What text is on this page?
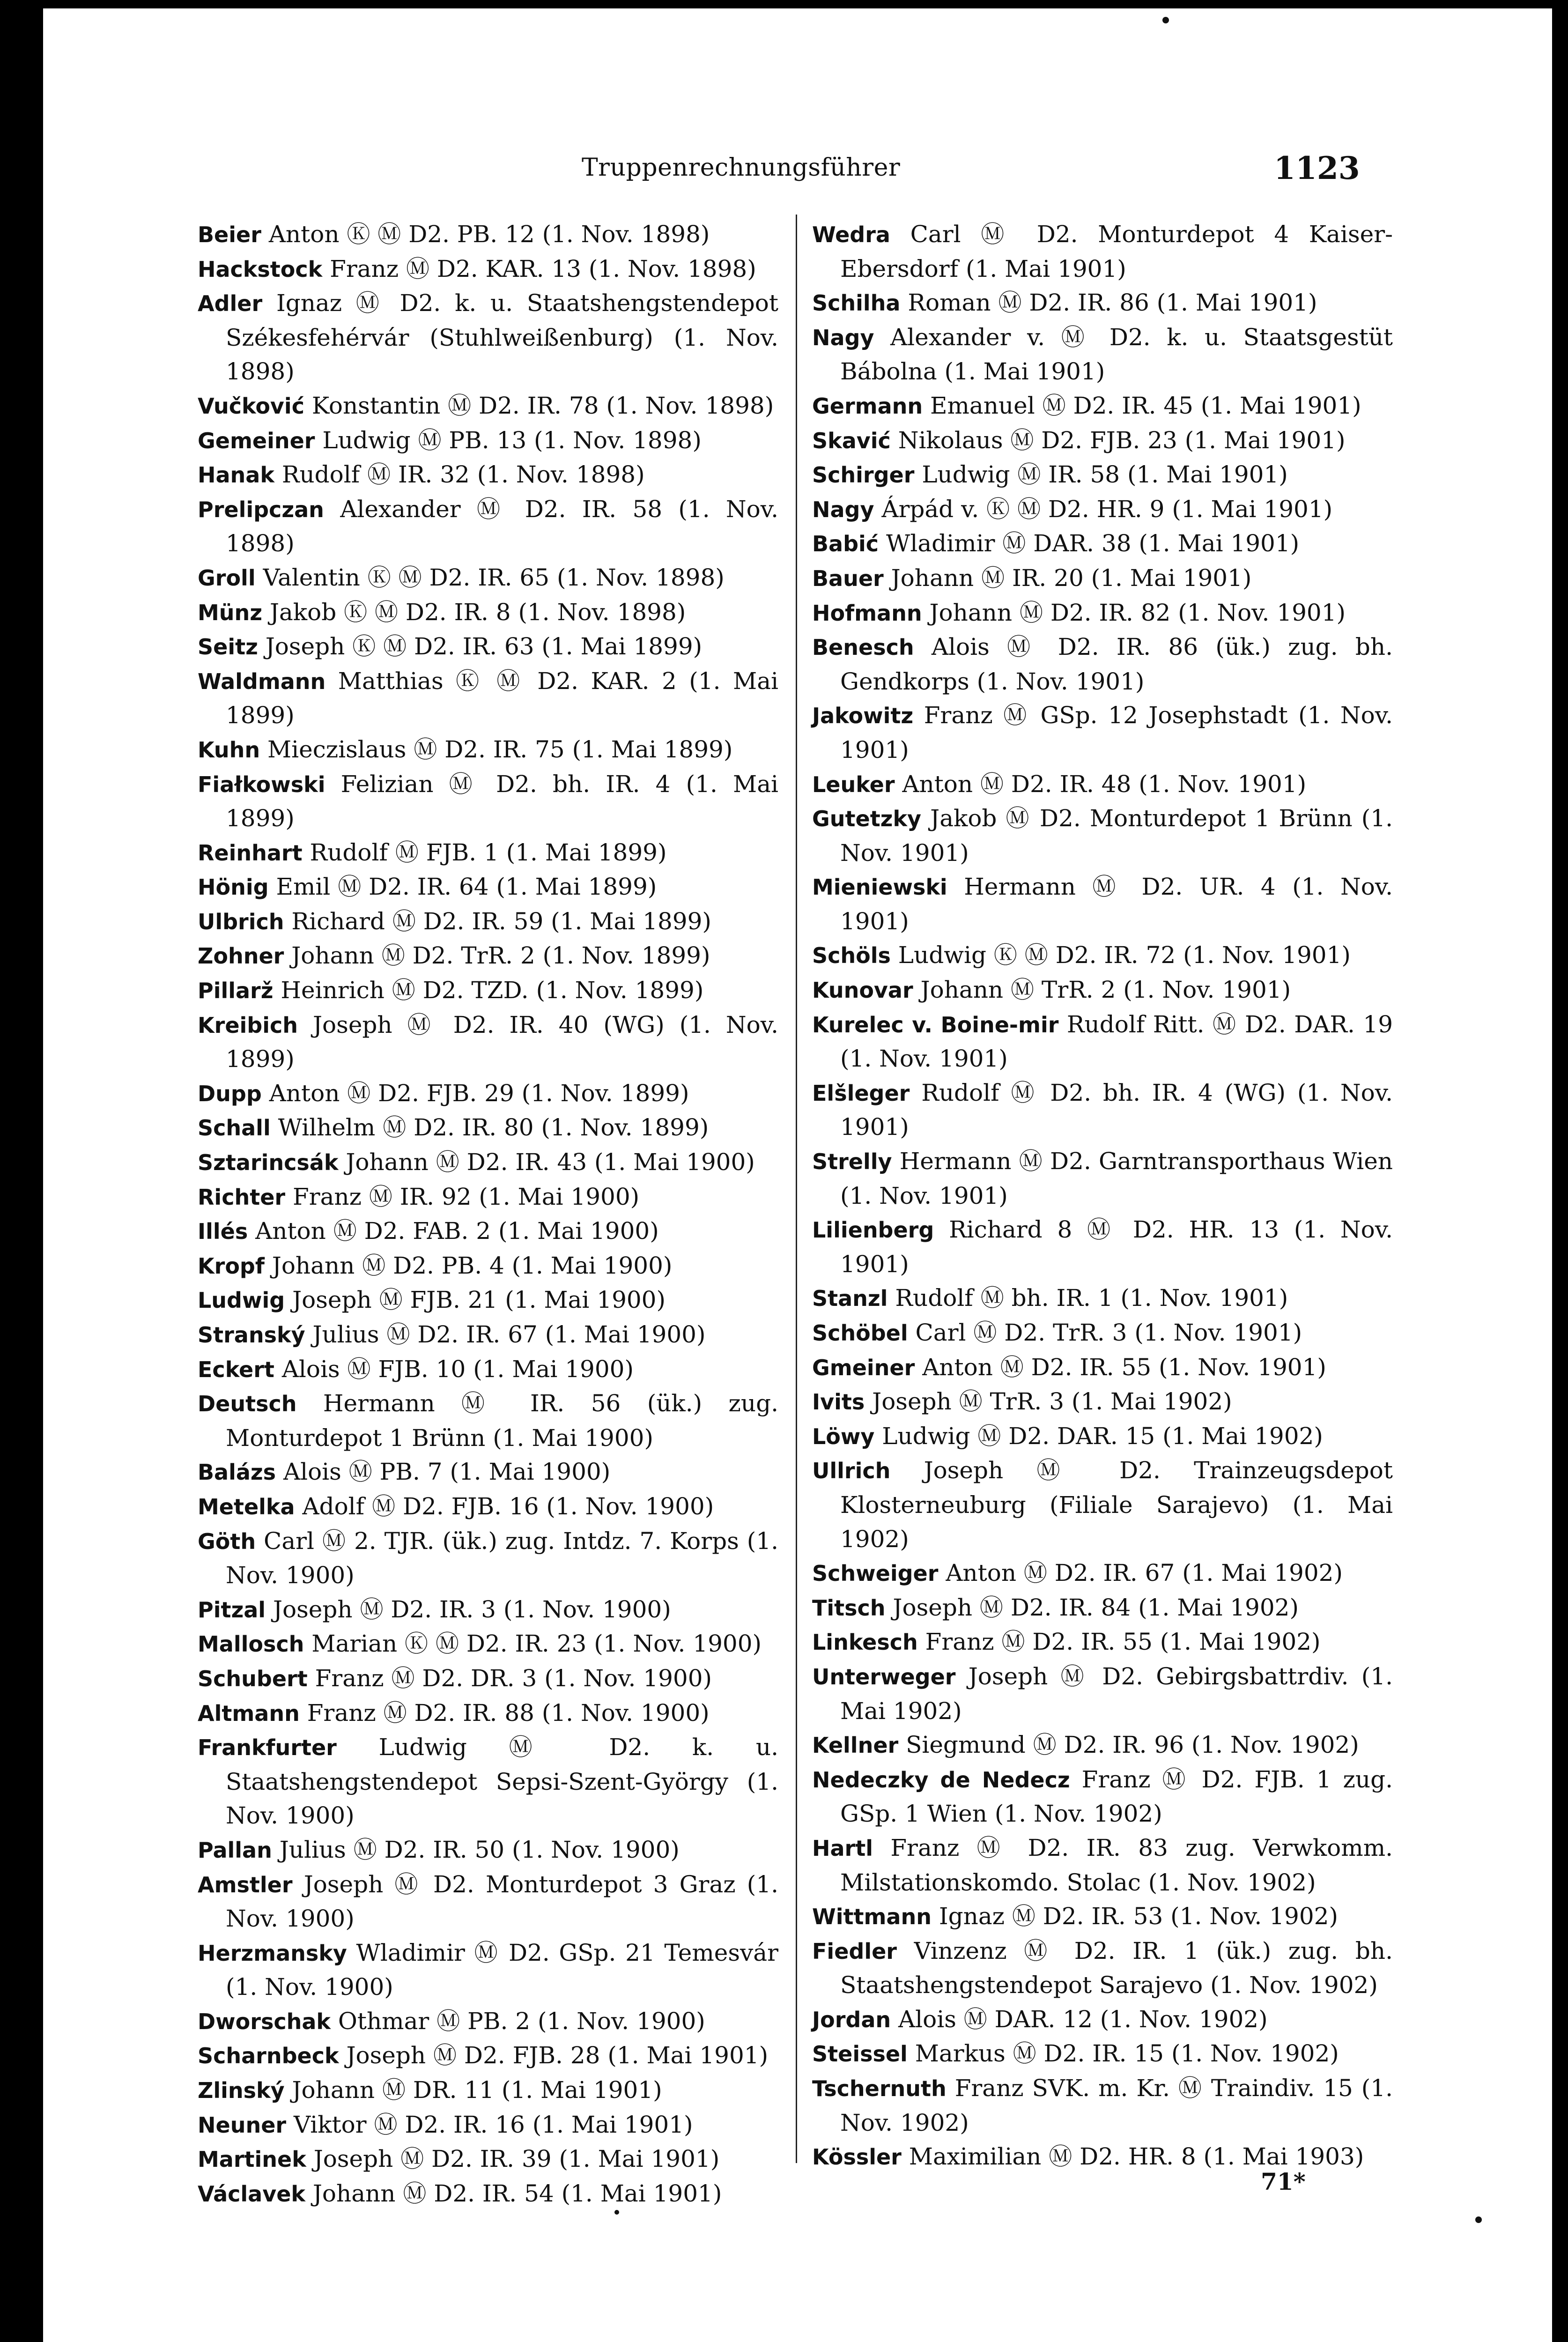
Truppenrechnungsführer	1123

Beier Anton Ⓚ Ⓜ D2. PB. 12 (1. Nov. 1898)

Hackstock Franz Ⓜ D2. KAR. 13 (1. Nov. 1898)

Adler Ignaz Ⓜ D2. k. u. Staatshengstendepot Székesfehérvár (Stuhlweißenburg) (1. Nov. 1898)

Vučković Konstantin Ⓜ D2. IR. 78 (1. Nov. 1898)

Gemeiner Ludwig Ⓜ PB. 13 (1. Nov. 1898)

Hanak Rudolf Ⓜ IR. 32 (1. Nov. 1898)

Prelipczan Alexander Ⓜ D2. IR. 58 (1. Nov. 1898)

Groll Valentin Ⓚ Ⓜ D2. IR. 65 (1. Nov. 1898)

Münz Jakob Ⓚ Ⓜ D2. IR. 8 (1. Nov. 1898)

Seitz Joseph Ⓚ Ⓜ D2. IR. 63 (1. Mai 1899)

Waldmann Matthias Ⓚ Ⓜ D2. KAR. 2 (1. Mai 1899)

Kuhn Mieczislaus Ⓜ D2. IR. 75 (1. Mai 1899)

Fiałkowski Felizian Ⓜ D2. bh. IR. 4 (1. Mai 1899)

Reinhart Rudolf Ⓜ FJB. 1 (1. Mai 1899)

Hönig Emil Ⓜ D2. IR. 64 (1. Mai 1899)

Ulbrich Richard Ⓜ D2. IR. 59 (1. Mai 1899)

Zohner Johann Ⓜ D2. TrR. 2 (1. Nov. 1899)

Pillarž Heinrich Ⓜ D2. TZD. (1. Nov. 1899)

Kreibich Joseph Ⓜ D2. IR. 40 (WG) (1. Nov. 1899)

Dupp Anton Ⓜ D2. FJB. 29 (1. Nov. 1899)

Schall Wilhelm Ⓜ D2. IR. 80 (1. Nov. 1899)

Sztarincsák Johann Ⓜ D2. IR. 43 (1. Mai 1900)

Richter Franz Ⓜ IR. 92 (1. Mai 1900)

Illés Anton Ⓜ D2. FAB. 2 (1. Mai 1900)

Kropf Johann Ⓜ D2. PB. 4 (1. Mai 1900)

Ludwig Joseph Ⓜ FJB. 21 (1. Mai 1900)

Stranský Julius Ⓜ D2. IR. 67 (1. Mai 1900)

Eckert Alois Ⓜ FJB. 10 (1. Mai 1900)

Deutsch Hermann Ⓜ IR. 56 (ük.) zug. Monturdepot 1 Brünn (1. Mai 1900)

Balázs Alois Ⓜ PB. 7 (1. Mai 1900)

Metelka Adolf Ⓜ D2. FJB. 16 (1. Nov. 1900)

Göth Carl Ⓜ 2. TJR. (ük.) zug. Intdz. 7. Korps (1. Nov. 1900)

Pitzal Joseph Ⓜ D2. IR. 3 (1. Nov. 1900)

Mallosch Marian Ⓚ Ⓜ D2. IR. 23 (1. Nov. 1900)

Schubert Franz Ⓜ D2. DR. 3 (1. Nov. 1900)

Altmann Franz Ⓜ D2. IR. 88 (1. Nov. 1900)

Frankfurter Ludwig Ⓜ D2. k. u. Staatshengstendepot Sepsi-Szent-György (1. Nov. 1900)

Pallan Julius Ⓜ D2. IR. 50 (1. Nov. 1900)

Amstler Joseph Ⓜ D2. Monturdepot 3 Graz (1. Nov. 1900)

Herzmansky Wladimir Ⓜ D2. GSp. 21 Temesvár (1. Nov. 1900)

Dworschak Othmar Ⓜ PB. 2 (1. Nov. 1900)

Scharnbeck Joseph Ⓜ D2. FJB. 28 (1. Mai 1901)

Zlinský Johann Ⓜ DR. 11 (1. Mai 1901)

Neuner Viktor Ⓜ D2. IR. 16 (1. Mai 1901)

Martinek Joseph Ⓜ D2. IR. 39 (1. Mai 1901)

Václavek Johann Ⓜ D2. IR. 54 (1. Mai 1901)

Wedra Carl Ⓜ D2. Monturdepot 4 Kaiser-Ebersdorf (1. Mai 1901)

Schilha Roman Ⓜ D2. IR. 86 (1. Mai 1901)

Nagy Alexander v. Ⓜ D2. k. u. Staatsgestüt Bábolna (1. Mai 1901)

Germann Emanuel Ⓜ D2. IR. 45 (1. Mai 1901)

Skavić Nikolaus Ⓜ D2. FJB. 23 (1. Mai 1901)

Schirger Ludwig Ⓜ IR. 58 (1. Mai 1901)

Nagy Árpád v. Ⓚ Ⓜ D2. HR. 9 (1. Mai 1901)

Babić Wladimir Ⓜ DAR. 38 (1. Mai 1901)

Bauer Johann Ⓜ IR. 20 (1. Mai 1901)

Hofmann Johann Ⓜ D2. IR. 82 (1. Nov. 1901)

Benesch Alois Ⓜ D2. IR. 86 (ük.) zug. bh. Gendkorps (1. Nov. 1901)

Jakowitz Franz Ⓜ GSp. 12 Josephstadt (1. Nov. 1901)

Leuker Anton Ⓜ D2. IR. 48 (1. Nov. 1901)

Gutetzky Jakob Ⓜ D2. Monturdepot 1 Brünn (1. Nov. 1901)

Mieniewski Hermann Ⓜ D2. UR. 4 (1. Nov. 1901)

Schöls Ludwig Ⓚ Ⓜ D2. IR. 72 (1. Nov. 1901)

Kunovar Johann Ⓜ TrR. 2 (1. Nov. 1901)

Kurelec v. Boine-mir Rudolf Ritt. Ⓜ D2. DAR. 19 (1. Nov. 1901)

Elšleger Rudolf Ⓜ D2. bh. IR. 4 (WG) (1. Nov. 1901)

Strelly Hermann Ⓜ D2. Garntransporthaus Wien (1. Nov. 1901)

Lilienberg Richard 8 Ⓜ D2. HR. 13 (1. Nov. 1901)

Stanzl Rudolf Ⓜ bh. IR. 1 (1. Nov. 1901)

Schöbel Carl Ⓜ D2. TrR. 3 (1. Nov. 1901)

Gmeiner Anton Ⓜ D2. IR. 55 (1. Nov. 1901)

Ivits Joseph Ⓜ TrR. 3 (1. Mai 1902)

Löwy Ludwig Ⓜ D2. DAR. 15 (1. Mai 1902)

Ullrich Joseph Ⓜ D2. Trainzeugsdepot Klosterneuburg (Filiale Sarajevo) (1. Mai 1902)

Schweiger Anton Ⓜ D2. IR. 67 (1. Mai 1902)

Titsch Joseph Ⓜ D2. IR. 84 (1. Mai 1902)

Linkesch Franz Ⓜ D2. IR. 55 (1. Mai 1902)

Unterweger Joseph Ⓜ D2. Gebirgsbattrdiv. (1. Mai 1902)

Kellner Siegmund Ⓜ D2. IR. 96 (1. Nov. 1902)

Nedeczky de Nedecz Franz Ⓜ D2. FJB. 1 zug. GSp. 1 Wien (1. Nov. 1902)

Hartl Franz Ⓜ D2. IR. 83 zug. Verwkomm. Milstationskomdo. Stolac (1. Nov. 1902)

Wittmann Ignaz Ⓜ D2. IR. 53 (1. Nov. 1902)

Fiedler Vinzenz Ⓜ D2. IR. 1 (ük.) zug. bh. Staatshengstendepot Sarajevo (1. Nov. 1902)

Jordan Alois Ⓜ DAR. 12 (1. Nov. 1902)

Steissel Markus Ⓜ D2. IR. 15 (1. Nov. 1902)

Tschernuth Franz SVK. m. Kr. Ⓜ Traindiv. 15 (1. Nov. 1902)

Kössler Maximilian Ⓜ D2. HR. 8 (1. Mai 1903)

71*
